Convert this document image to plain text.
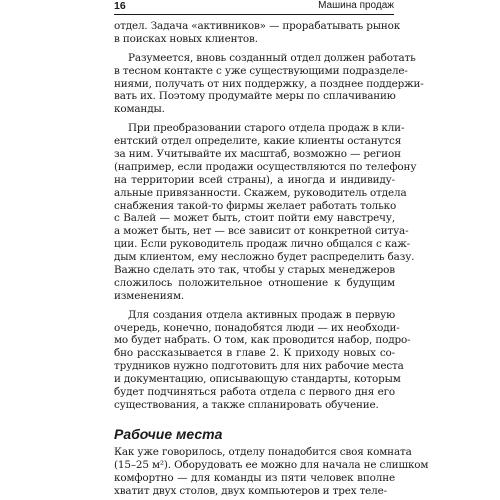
16	Машина продаж
отдел. Задача «активников» — прорабатывать рынок
в поисках новых клиентов.
Разумеется, вновь созданный отдел должен работать
в тесном контакте с уже существующими подразделе-
ниями, получать от них поддержку, а позднее поддержи-
вать их. Поэтому продумайте меры по сплачиванию
команды.
При преобразовании старого отдела продаж в кли-
ентский отдел определите, какие клиенты останутся
за ним. Учитывайте их масштаб, возможно — регион
(например, если продажи осуществляются по телефону
на территории всей страны), а иногда и индивиду-
альные привязанности. Скажем, руководитель отдела
снабжения такой-то фирмы желает работать только
с Валей — может быть, стоит пойти ему навстречу,
а может быть, нет — все зависит от конкретной ситуа-
ции. Если руководитель продаж лично общался с каж-
дым клиентом, ему несложно будет распределить базу.
Важно сделать это так, чтобы у старых менеджеров
сложилось положительное отношение к будущим
изменениям.
Для создания отдела активных продаж в первую
очередь, конечно, понадобятся люди — их необходи-
мо будет набрать. О том, как проводится набор, подро-
бно рассказывается в главе 2. К приходу новых со-
трудников нужно подготовить для них рабочие места
и документацию, описывающую стандарты, которым
будет подчиняться работа отдела с первого дня его
существования, а также спланировать обучение.
Рабочие места
Как уже говорилось, отделу понадобится своя комната
(15–25 м²). Оборудовать ее можно для начала не слишком
комфортно — для команды из пяти человек вполне
хватит двух столов, двух компьютеров и трех теле-
